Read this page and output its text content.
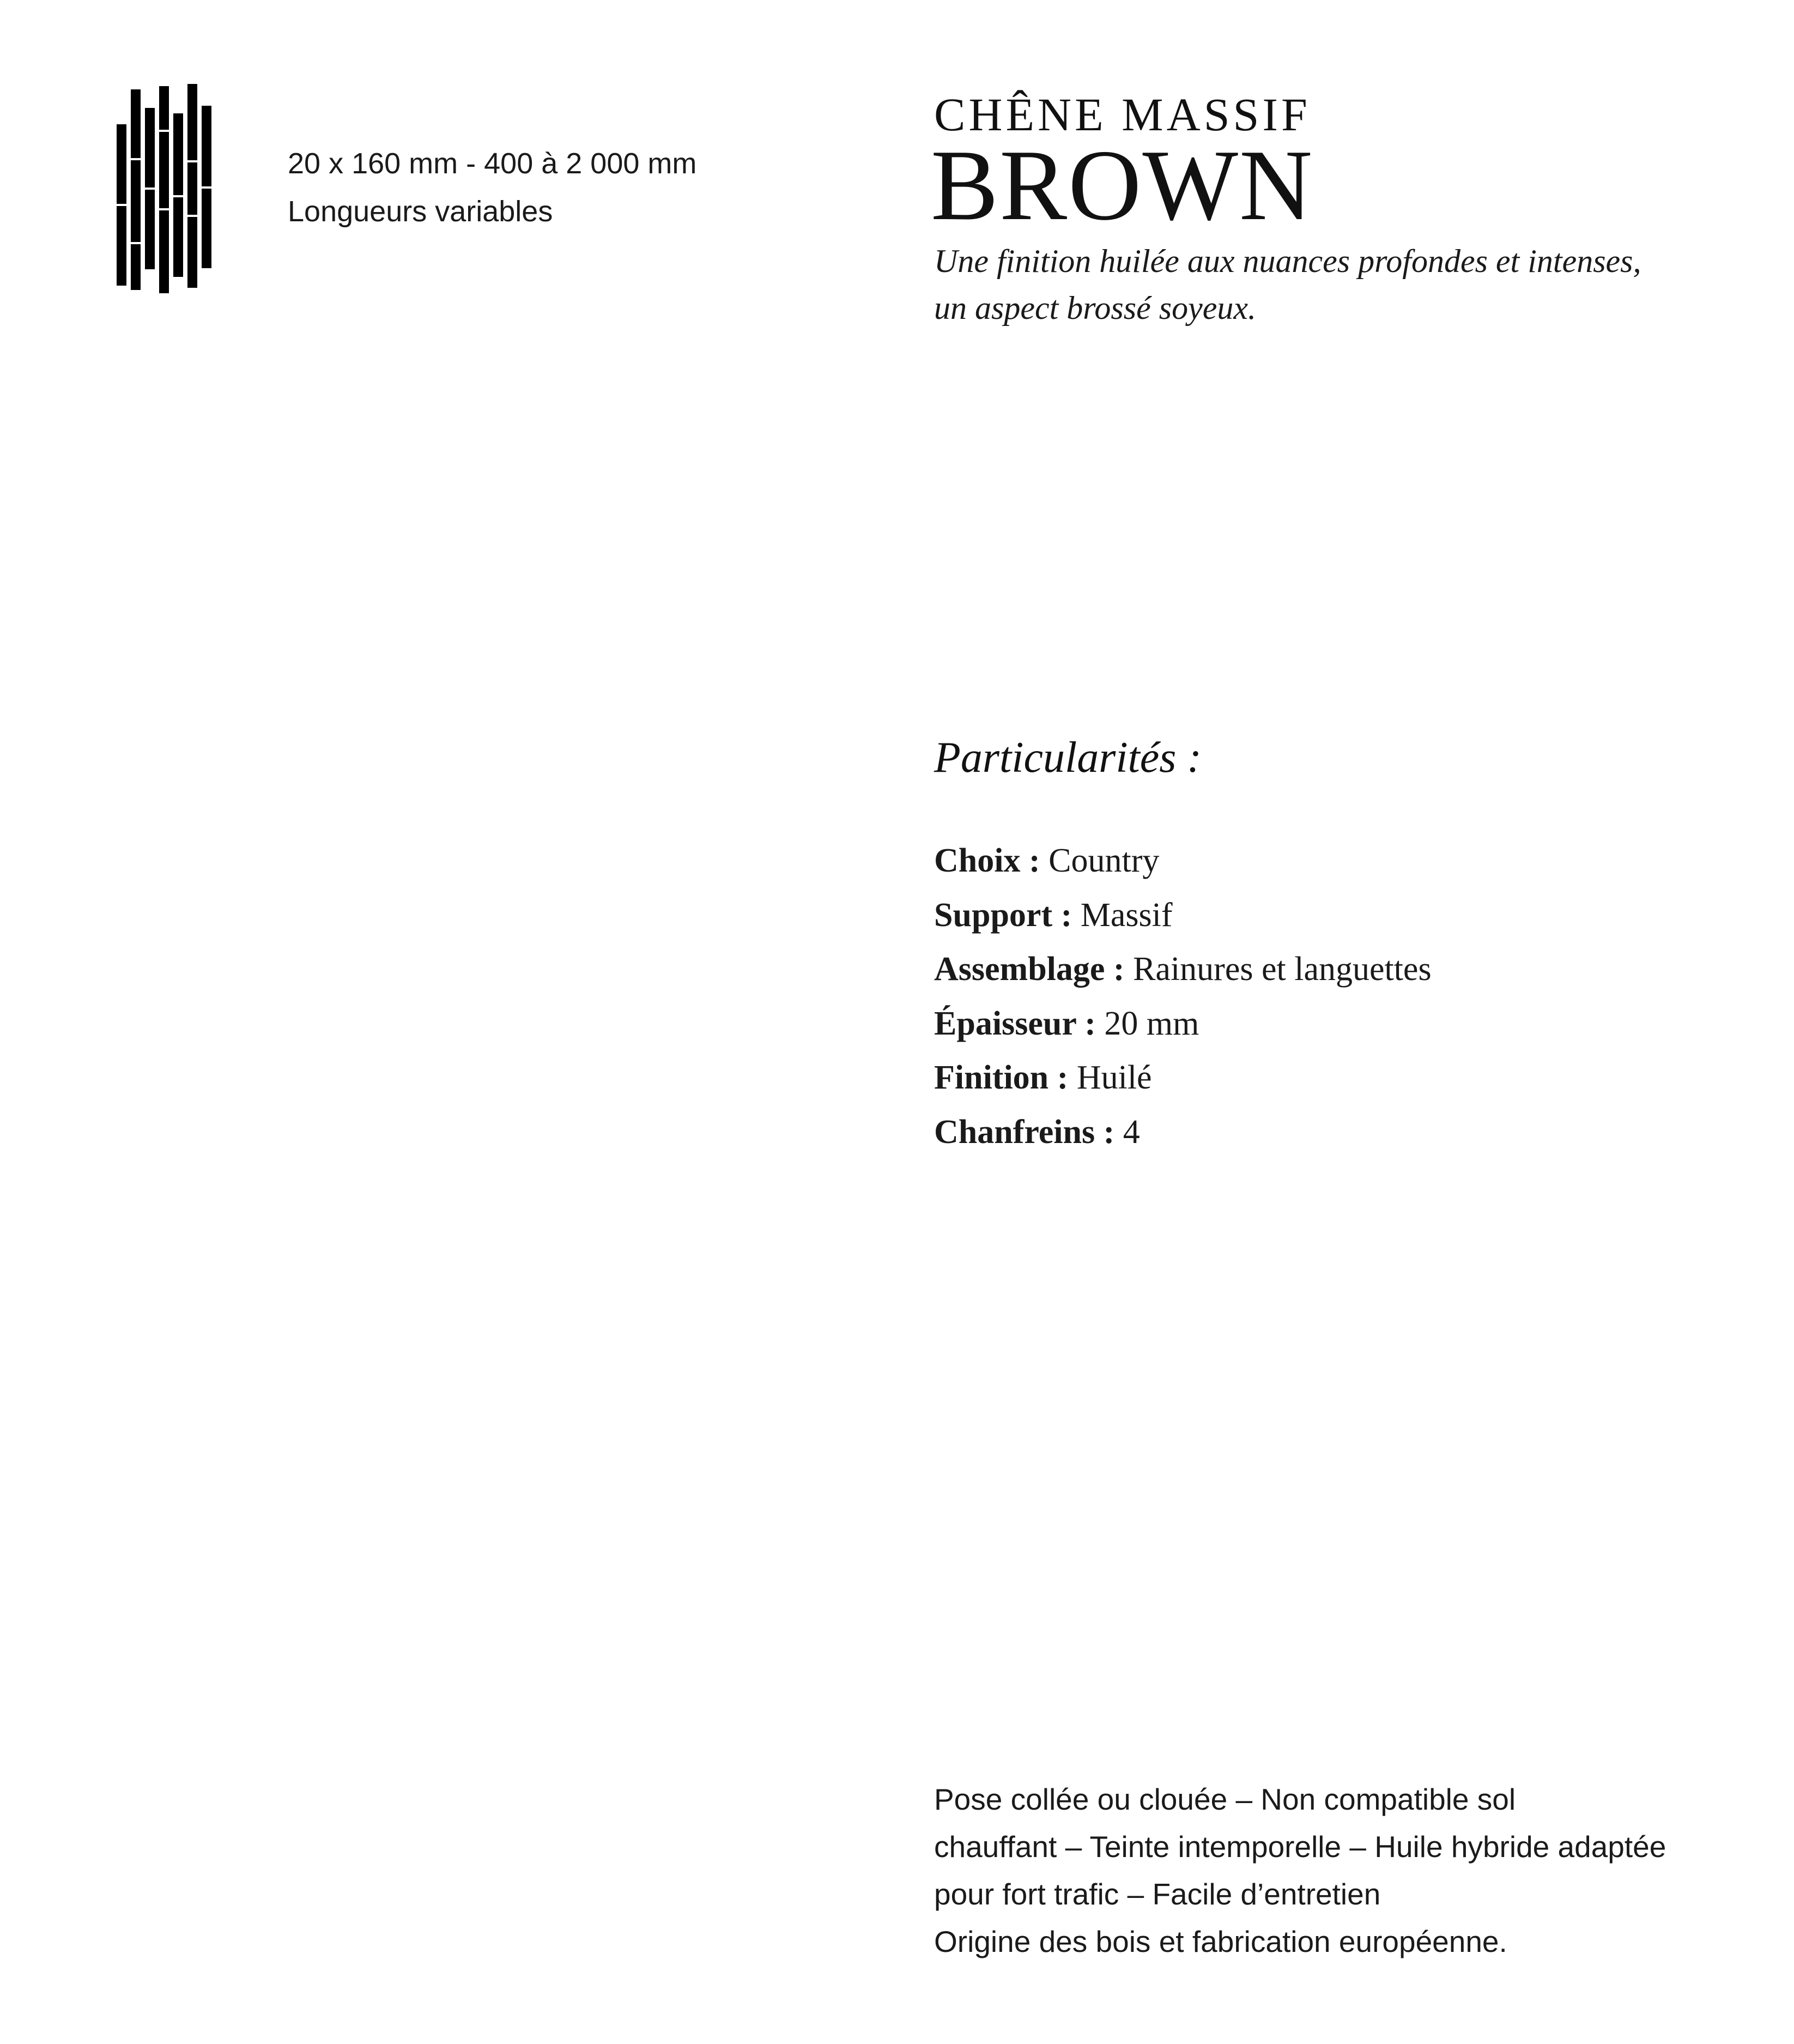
20 x 160 mm - 400 à 2 000 mm
Longueurs variables
CHÊNE MASSIF
BROWN
Une finition huilée aux nuances profondes et intenses,
un aspect brossé soyeux.
Particularités :
Choix : Country
Support : Massif
Assemblage : Rainures et languettes
Épaisseur : 20 mm
Finition : Huilé
Chanfreins : 4
Pose collée ou clouée – Non compatible sol
chauffant – Teinte intemporelle – Huile hybride adaptée
pour fort trafic – Facile d’entretien
Origine des bois et fabrication européenne.
